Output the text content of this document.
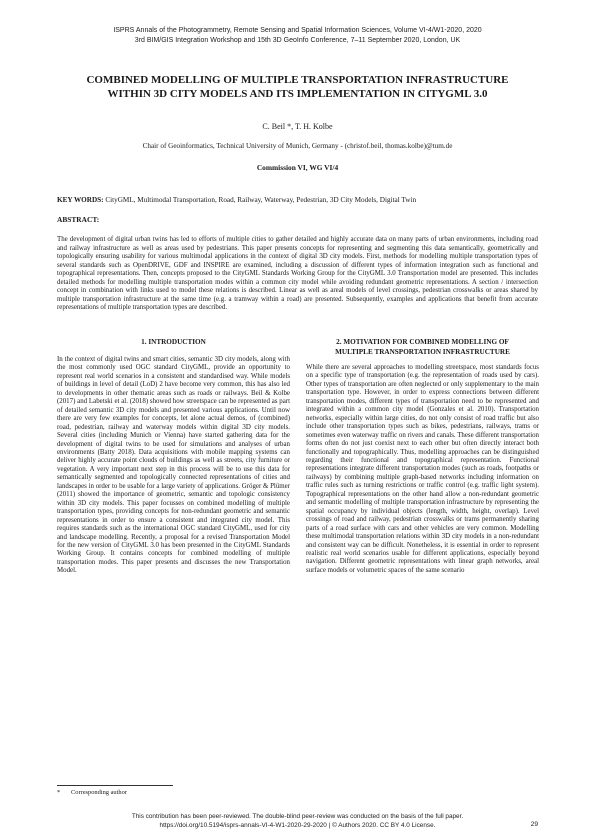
ISPRS Annals of the Photogrammetry, Remote Sensing and Spatial Information Sciences, Volume VI-4/W1-2020, 2020
3rd BIM/GIS Integration Workshop and 15th 3D GeoInfo Conference, 7–11 September 2020, London, UK
COMBINED MODELLING OF MULTIPLE TRANSPORTATION INFRASTRUCTURE
WITHIN 3D CITY MODELS AND ITS IMPLEMENTATION IN CITYGML 3.0
C. Beil *, T. H. Kolbe
Chair of Geoinformatics, Technical University of Munich, Germany - (christof.beil, thomas.kolbe)@tum.de
Commission VI, WG VI/4
KEY WORDS: CityGML, Multimodal Transportation, Road, Railway, Waterway, Pedestrian, 3D City Models, Digital Twin
ABSTRACT:
The development of digital urban twins has led to efforts of multiple cities to gather detailed and highly accurate data on many parts of urban environments, including road and railway infrastructure as well as areas used by pedestrians. This paper presents concepts for representing and segmenting this data semantically, geometrically and topologically ensuring usability for various multimodal applications in the context of digital 3D city models. First, methods for modelling multiple transportation types of several standards such as OpenDRIVE, GDF and INSPIRE are examined, including a discussion of different types of information integration such as functional and topographical representations. Then, concepts proposed to the CityGML Standards Working Group for the CityGML 3.0 Transportation model are presented. This includes detailed methods for modelling multiple transportation modes within a common city model while avoiding redundant geometric representations. A section / intersection concept in combination with links used to model these relations is described. Linear as well as areal models of level crossings, pedestrian crosswalks or areas shared by multiple transportation infrastructure at the same time (e.g. a tramway within a road) are presented. Subsequently, examples and applications that benefit from accurate representations of multiple transportation types are described.
1. INTRODUCTION
In the context of digital twins and smart cities, semantic 3D city models, along with the most commonly used OGC standard CityGML, provide an opportunity to represent real world scenarios in a consistent and standardised way. While models of buildings in level of detail (LoD) 2 have become very common, this has also led to developments in other thematic areas such as roads or railways. Beil & Kolbe (2017) and Labetski et al. (2018) showed how streetspace can be represented as part of detailed semantic 3D city models and presented various applications. Until now there are very few examples for concepts, let alone actual demos, of (combined) road, pedestrian, railway and waterway models within digital 3D city models. Several cities (including Munich or Vienna) have started gathering data for the development of digital twins to be used for simulations and analyses of urban environments (Batty 2018). Data acquisitions with mobile mapping systems can deliver highly accurate point clouds of buildings as well as streets, city furniture or vegetation. A very important next step in this process will be to use this data for semantically segmented and topologically connected representations of cities and landscapes in order to be usable for a large variety of applications. Gröger & Plümer (2011) showed the importance of geometric, semantic and topologic consistency within 3D city models. This paper focusses on combined modelling of multiple transportation types, providing concepts for non-redundant geometric and semantic representations in order to ensure a consistent and integrated city model. This requires standards such as the international OGC standard CityGML, used for city and landscape modelling. Recently, a proposal for a revised Transportation Model for the new version of CityGML 3.0 has been presented in the CityGML Standards Working Group. It contains concepts for combined modelling of multiple transportation modes. This paper presents and discusses the new Transportation Model.
2. MOTIVATION FOR COMBINED MODELLING OF
MULTIPLE TRANSPORTATION INFRASTRUCTURE
While there are several approaches to modelling streetspace, most standards focus on a specific type of transportation (e.g. the representation of roads used by cars). Other types of transportation are often neglected or only supplementary to the main transportation type. However, in order to express connections between different transportation modes, different types of transportation need to be represented and integrated within a common city model (Gonzales et al. 2010). Transportation networks, especially within large cities, do not only consist of road traffic but also include other transportation types such as bikes, pedestrians, railways, trams or sometimes even waterway traffic on rivers and canals. These different transportation forms often do not just coexist next to each other but often directly interact both functionally and topographically. Thus, modelling approaches can be distinguished regarding their functional and topographical representation. Functional representations integrate different transportation modes (such as roads, footpaths or railways) by combining multiple graph-based networks including information on traffic rules such as turning restrictions or traffic control (e.g. traffic light system). Topographical representations on the other hand allow a non-redundant geometric and semantic modelling of multiple transportation infrastructure by representing the spatial occupancy by individual objects (length, width, height, overlap). Level crossings of road and railway, pedestrian crosswalks or trams permanently sharing parts of a road surface with cars and other vehicles are very common. Modelling these multimodal transportation relations within 3D city models in a non-redundant and consistent way can be difficult. Nonetheless, it is essential in order to represent realistic real world scenarios usable for different applications, especially beyond navigation. Different geometric representations with linear graph networks, areal surface models or volumetric spaces of the same scenario
* Corresponding author
This contribution has been peer-reviewed. The double-blind peer-review was conducted on the basis of the full paper.
https://doi.org/10.5194/isprs-annals-VI-4-W1-2020-29-2020 | © Authors 2020. CC BY 4.0 License.	29
